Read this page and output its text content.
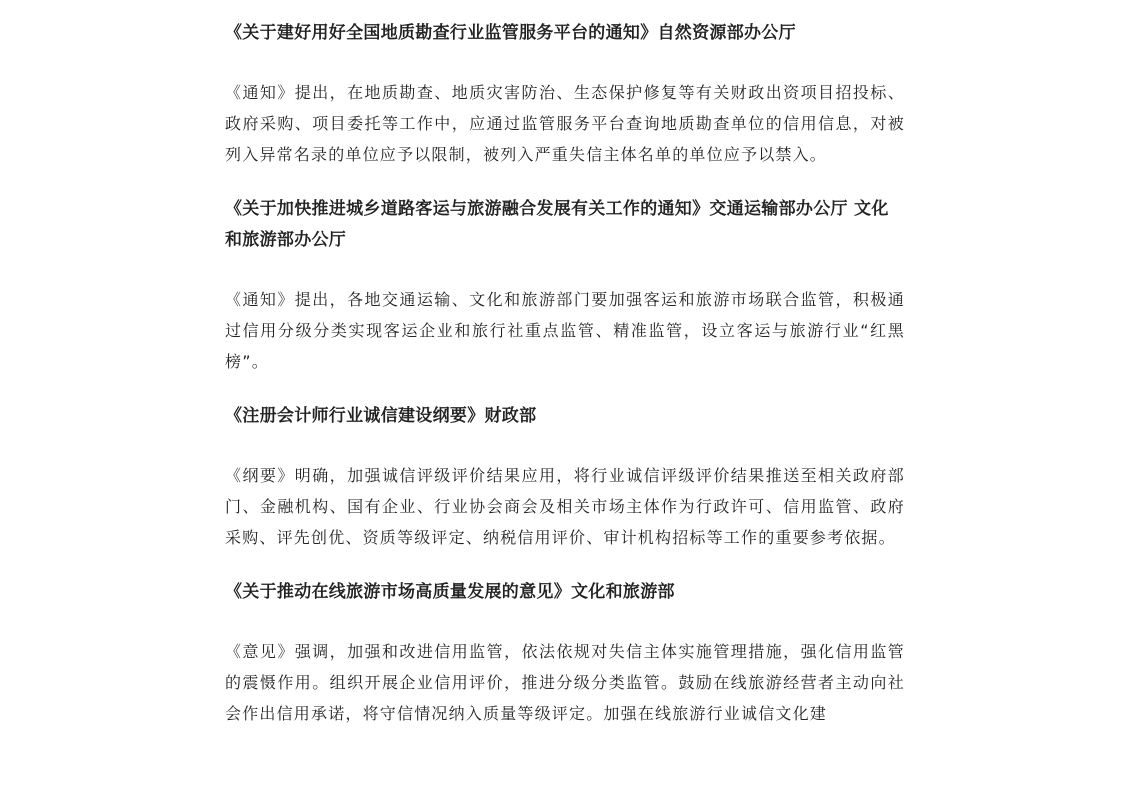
《关于建好用好全国地质勘查行业监管服务平台的通知》自然资源部办公厅

《通知》提出，在地质勘查、地质灾害防治、生态保护修复等有关财政出资项目招投标、政府采购、项目委托等工作中，应通过监管服务平台查询地质勘查单位的信用信息，对被列入异常名录的单位应予以限制，被列入严重失信主体名单的单位应予以禁入。

《关于加快推进城乡道路客运与旅游融合发展有关工作的通知》交通运输部办公厅 文化和旅游部办公厅

《通知》提出，各地交通运输、文化和旅游部门要加强客运和旅游市场联合监管，积极通过信用分级分类实现客运企业和旅行社重点监管、精准监管，设立客运与旅游行业“红黑榜”。

《注册会计师行业诚信建设纲要》财政部

《纲要》明确，加强诚信评级评价结果应用，将行业诚信评级评价结果推送至相关政府部门、金融机构、国有企业、行业协会商会及相关市场主体作为行政许可、信用监管、政府采购、评先创优、资质等级评定、纳税信用评价、审计机构招标等工作的重要参考依据。

《关于推动在线旅游市场高质量发展的意见》文化和旅游部

《意见》强调，加强和改进信用监管，依法依规对失信主体实施管理措施，强化信用监管的震慑作用。组织开展企业信用评价，推进分级分类监管。鼓励在线旅游经营者主动向社会作出信用承诺，将守信情况纳入质量等级评定。加强在线旅游行业诚信文化建
